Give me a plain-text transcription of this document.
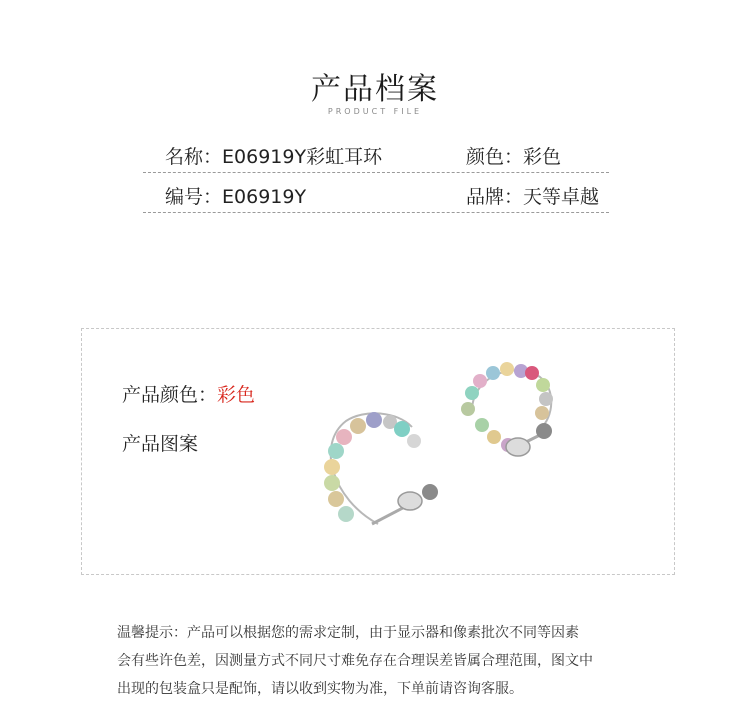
产品档案
PRODUCT FILE
名称：E06919Y彩虹耳环	颜色：彩色
编号：E06919Y	品牌：天等卓越
产品颜色：彩色
产品图案
温馨提示：产品可以根据您的需求定制，由于显示器和像素批次不同等因素
会有些许色差，因测量方式不同尺寸难免存在合理误差皆属合理范围，图文中
出现的包装盒只是配饰，请以收到实物为准，下单前请咨询客服。
